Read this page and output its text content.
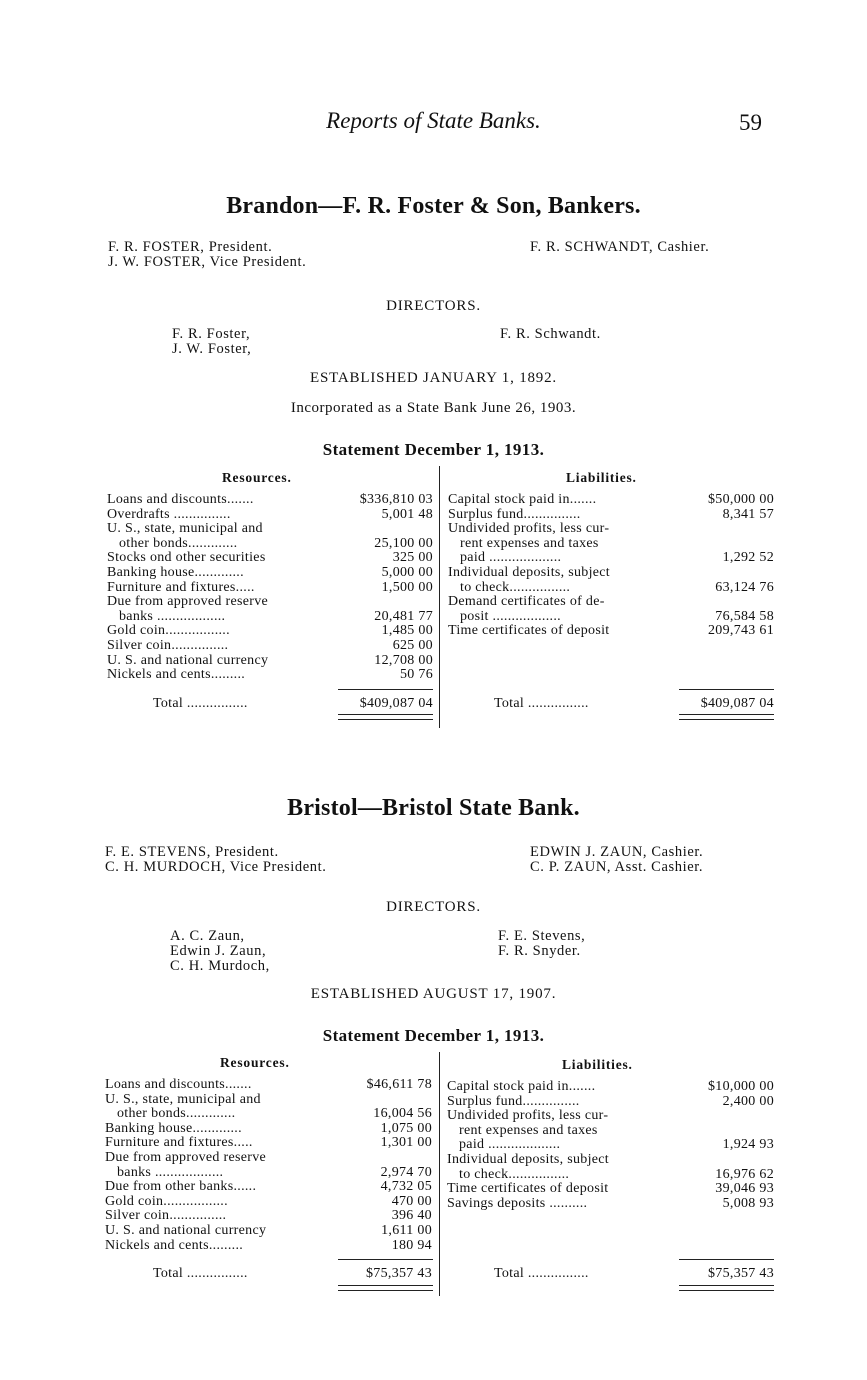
Reports of State Banks.	59
Brandon—F. R. Foster & Son, Bankers.
F. R. FOSTER, President.
J. W. FOSTER, Vice President.
F. R. SCHWANDT, Cashier.
DIRECTORS.
F. R. Foster,
J. W. Foster,
F. R. Schwandt.
ESTABLISHED JANUARY 1, 1892.
Incorporated as a State Bank June 26, 1903.
Statement December 1, 1913.
Resources.	Liabilities.
Loans and discounts.......	$336,810 03
Overdrafts ...............	5,001 48
U. S., state, municipal and
other bonds.............	25,100 00
Stocks ond other securities	325 00
Banking house.............	5,000 00
Furniture and fixtures.....	1,500 00
Due from approved reserve
banks ..................	20,481 77
Gold coin.................	1,485 00
Silver coin...............	625 00
U. S. and national currency	12,708 00
Nickels and cents.........	50 76
Capital stock paid in.......	$50,000 00
Surplus fund...............	8,341 57
Undivided profits, less cur-
rent expenses and taxes
paid ...................	1,292 52
Individual deposits, subject
to check................	63,124 76
Demand certificates of de-
posit ..................	76,584 58
Time certificates of deposit	209,743 61
Total ................	$409,087 04	Total ................	$409,087 04
Bristol—Bristol State Bank.
F. E. STEVENS, President.
C. H. MURDOCH, Vice President.
EDWIN J. ZAUN, Cashier.
C. P. ZAUN, Asst. Cashier.
DIRECTORS.
A. C. Zaun,
Edwin J. Zaun,
C. H. Murdoch,
F. E. Stevens,
F. R. Snyder.
ESTABLISHED AUGUST 17, 1907.
Statement December 1, 1913.
Resources.	Liabilities.
Loans and discounts.......	$46,611 78
U. S., state, municipal and
other bonds.............	16,004 56
Banking house.............	1,075 00
Furniture and fixtures.....	1,301 00
Due from approved reserve
banks ..................	2,974 70
Due from other banks......	4,732 05
Gold coin.................	470 00
Silver coin...............	396 40
U. S. and national currency	1,611 00
Nickels and cents.........	180 94
Capital stock paid in.......	$10,000 00
Surplus fund...............	2,400 00
Undivided profits, less cur-
rent expenses and taxes
paid ...................	1,924 93
Individual deposits, subject
to check................	16,976 62
Time certificates of deposit	39,046 93
Savings deposits ..........	5,008 93
Total ................	$75,357 43	Total ................	$75,357 43
